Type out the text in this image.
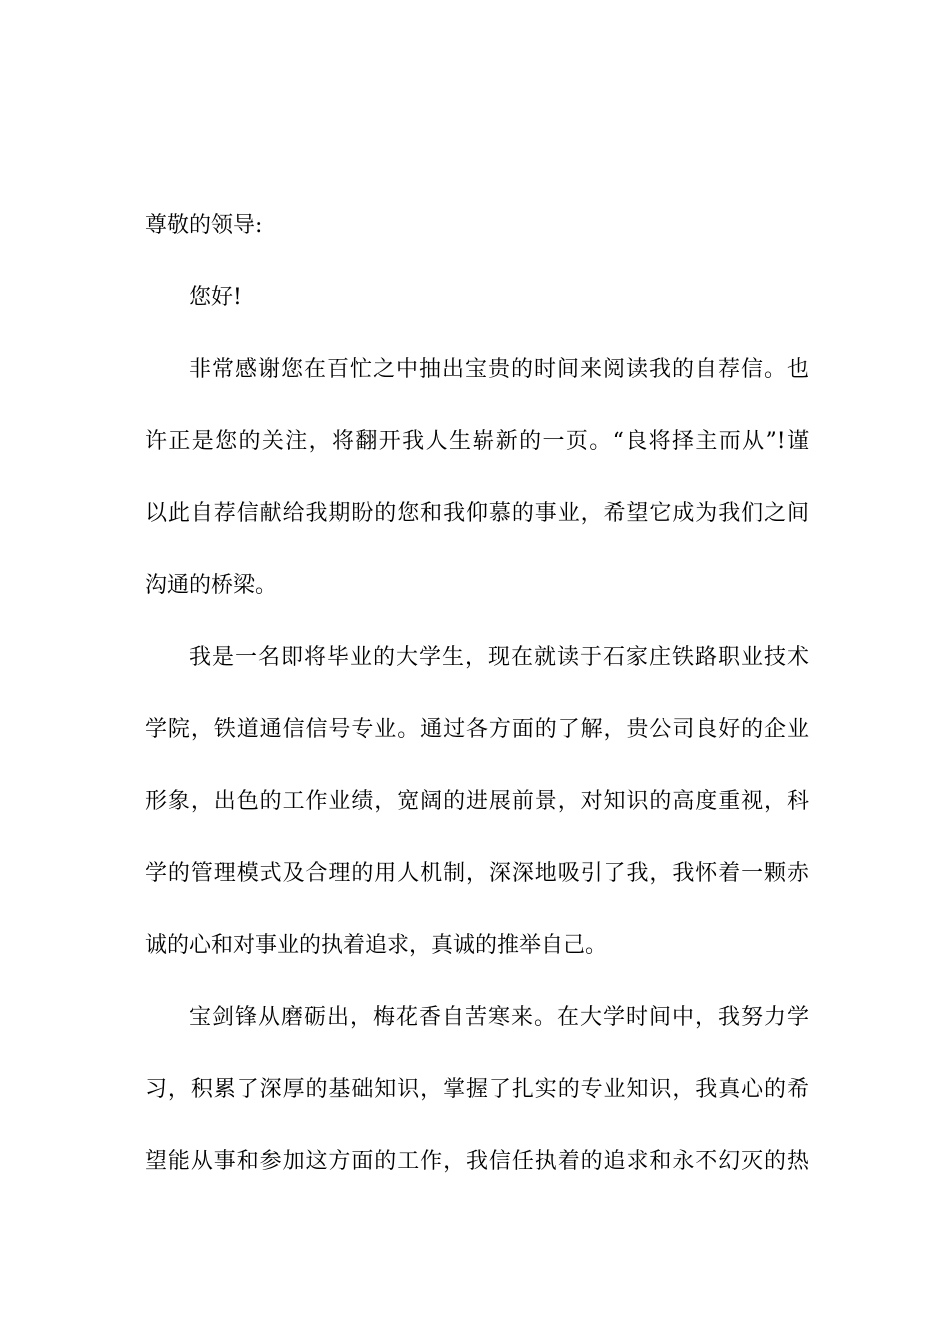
尊敬的领导:
您好!
非常感谢您在百忙之中抽出宝贵的时间来阅读我的自荐信。也
许正是您的关注，将翻开我人生崭新的一页。“良将择主而从”!谨
以此自荐信献给我期盼的您和我仰慕的事业，希望它成为我们之间
沟通的桥梁。
我是一名即将毕业的大学生，现在就读于石家庄铁路职业技术
学院，铁道通信信号专业。通过各方面的了解，贵公司良好的企业
形象，出色的工作业绩，宽阔的进展前景，对知识的高度重视，科
学的管理模式及合理的用人机制，深深地吸引了我，我怀着一颗赤
诚的心和对事业的执着追求，真诚的推举自己。
宝剑锋从磨砺出，梅花香自苦寒来。在大学时间中，我努力学
习，积累了深厚的基础知识，掌握了扎实的专业知识，我真心的希
望能从事和参加这方面的工作，我信任执着的追求和永不幻灭的热
